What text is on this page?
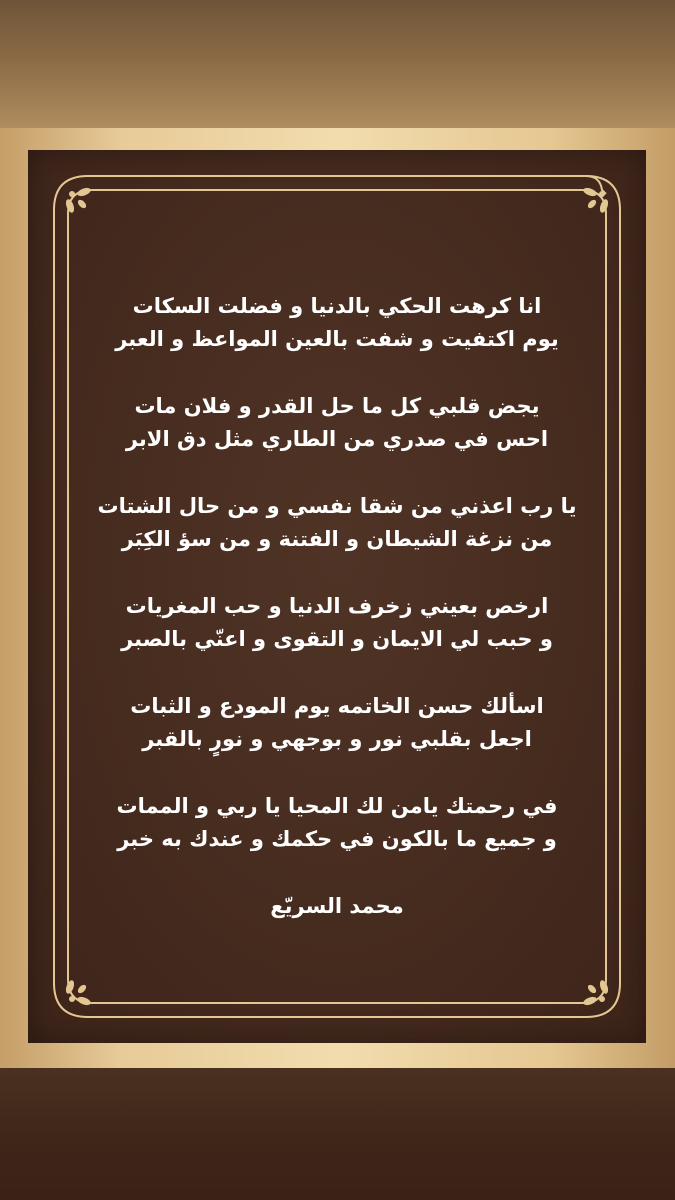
انا كرهت الحكي بالدنيا و فضلت السكات
يوم اكتفيت و شفت بالعين المواعظ و العبر
يجض قلبي كل ما حل القدر و فلان مات
احس في صدري من الطاري مثل دق الابر
يا رب اعذني من شقا نفسي و من حال الشتات
من نزغة الشيطان و الفتنة و من سؤ الكِبَر
ارخص بعيني زخرف الدنيا و حب المغريات
و حبب لي الايمان و التقوى و اعنّي بالصبر
اسألك حسن الخاتمه يوم المودع و الثبات
اجعل بقلبي نور و بوجهي و نورٍ بالقبر
في رحمتك يامن لك المحيا يا ربي و الممات
و جميع ما بالكون في حكمك و عندك به خبر
محمد السريّع
